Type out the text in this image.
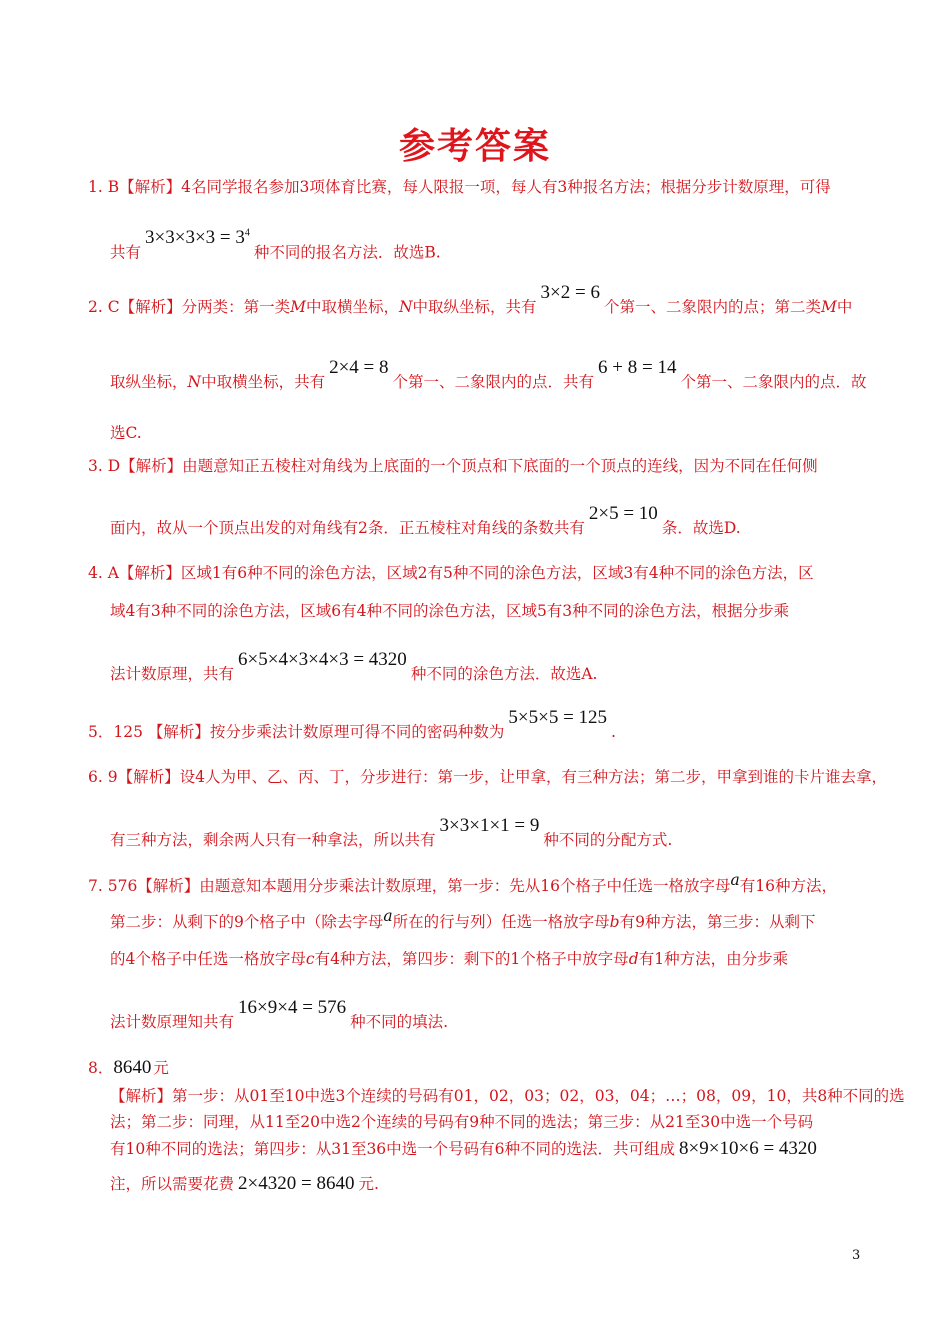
参考答案
1. B【解析】4名同学报名参加3项体育比赛，每人限报一项，每人有3种报名方法；根据分步计数原理，可得
共有$3\times 3\times 3\times 3 = 3^4$种不同的报名方法．故选B.
2. C【解析】分两类：第一类M中取横坐标，N中取纵坐标，共有3×2 = 6个第一、二象限内的点；第二类M中
取纵坐标，N中取横坐标，共有2×4 = 8个第一、二象限内的点．共有6 + 8 = 14个第一、二象限内的点．故
选C.
3. D【解析】由题意知正五棱柱对角线为上底面的一个顶点和下底面的一个顶点的连线，因为不同在任何侧
面内，故从一个顶点出发的对角线有2条．正五棱柱对角线的条数共有2×5 = 10条．故选D.
4. A【解析】区域1有6种不同的涂色方法，区域2有5种不同的涂色方法，区域3有4种不同的涂色方法，区
域4有3种不同的涂色方法，区域6有4种不同的涂色方法，区域5有3种不同的涂色方法，根据分步乘
法计数原理，共有6×5×4×3×4×3 = 4320种不同的涂色方法．故选A.
5．125 【解析】按分步乘法计数原理可得不同的密码种数为5×5×5 = 125.
6. 9【解析】设4人为甲、乙、丙、丁，分步进行：第一步，让甲拿，有三种方法；第二步，甲拿到谁的卡片谁去拿，
有三种方法，剩余两人只有一种拿法，所以共有3×3×1×1 = 9种不同的分配方式.
7. 576【解析】由题意知本题用分步乘法计数原理，第一步：先从16个格子中任选一格放字母a有16种方法，
第二步：从剩下的9个格子中（除去字母a所在的行与列）任选一格放字母b有9种方法，第三步：从剩下
的4个格子中任选一格放字母c有4种方法，第四步：剩下的1个格子中放字母d有1种方法，由分步乘
法计数原理知共有16×9×4 = 576种不同的填法.
8．8640 元
【解析】第一步：从01至10中选3个连续的号码有01，02，03；02，03，04；…；08，09，10，共8种不同的选
法；第二步：同理，从11至20中选2个连续的号码有9种不同的选法；第三步：从21至30中选一个号码
有10种不同的选法；第四步：从31至36中选一个号码有6种不同的选法．共可组成 8×9×10×6 = 4320
注，所以需要花费 2×4320 = 8640 元.
3
